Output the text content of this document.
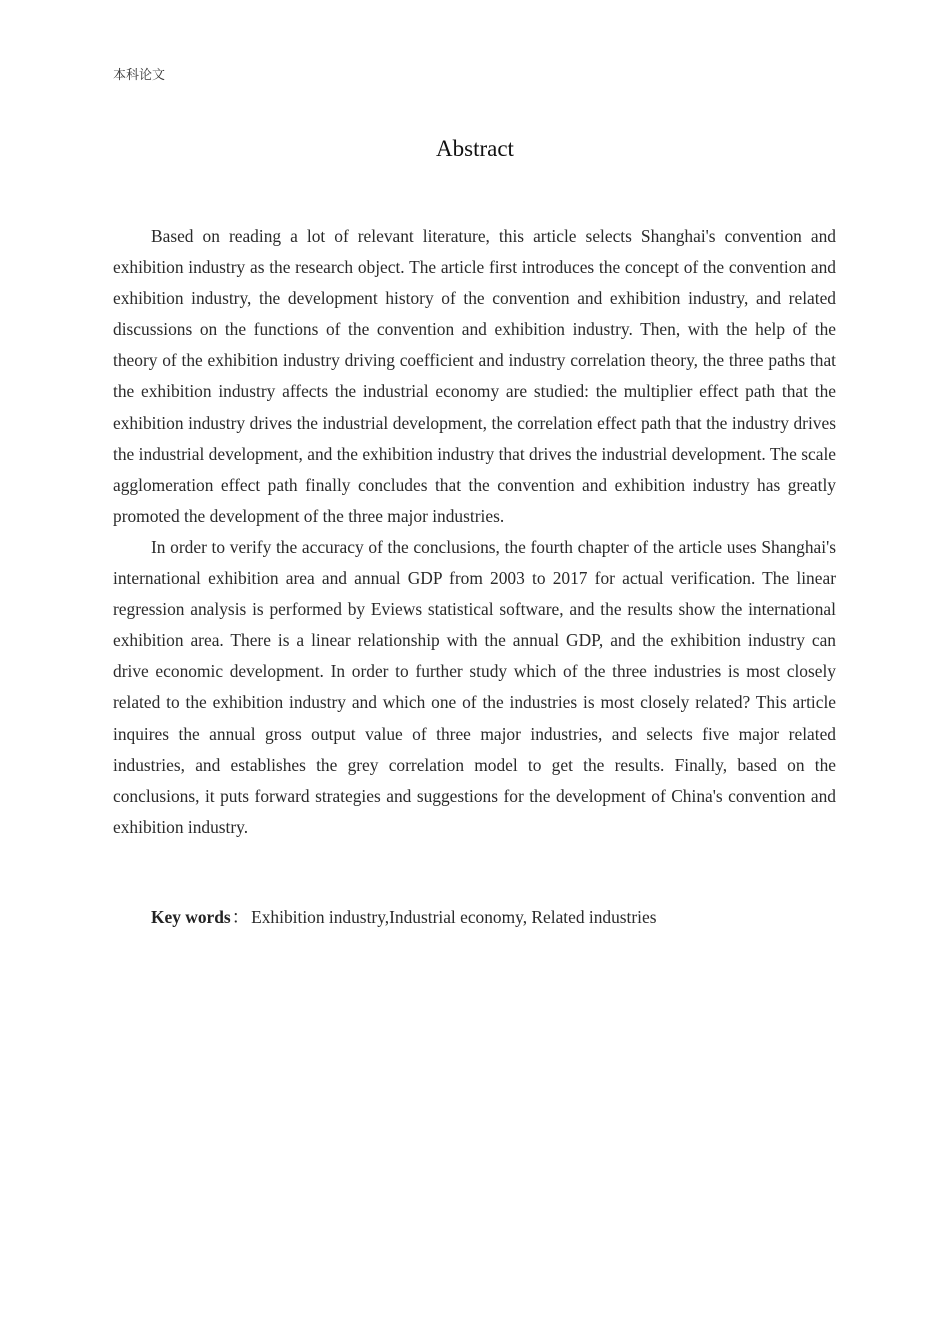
本科论文
Abstract

Based on reading a lot of relevant literature, this article selects Shanghai's convention and exhibition industry as the research object. The article first introduces the concept of the convention and exhibition industry, the development history of the convention and exhibition industry, and related discussions on the functions of the convention and exhibition industry. Then, with the help of the theory of the exhibition industry driving coefficient and industry correlation theory, the three paths that the exhibition industry affects the industrial economy are studied: the multiplier effect path that the exhibition industry drives the industrial development, the correlation effect path that the industry drives the industrial development, and the exhibition industry that drives the industrial development. The scale agglomeration effect path finally concludes that the convention and exhibition industry has greatly promoted the development of the three major industries.

In order to verify the accuracy of the conclusions, the fourth chapter of the article uses Shanghai's international exhibition area and annual GDP from 2003 to 2017 for actual verification. The linear regression analysis is performed by Eviews statistical software, and the results show the international exhibition area. There is a linear relationship with the annual GDP, and the exhibition industry can drive economic development. In order to further study which of the three industries is most closely related to the exhibition industry and which one of the industries is most closely related? This article inquires the annual gross output value of three major industries, and selects five major related industries, and establishes the grey correlation model to get the results. Finally, based on the conclusions, it puts forward strategies and suggestions for the development of China's convention and exhibition industry.

Key words： Exhibition industry,Industrial economy, Related industries
